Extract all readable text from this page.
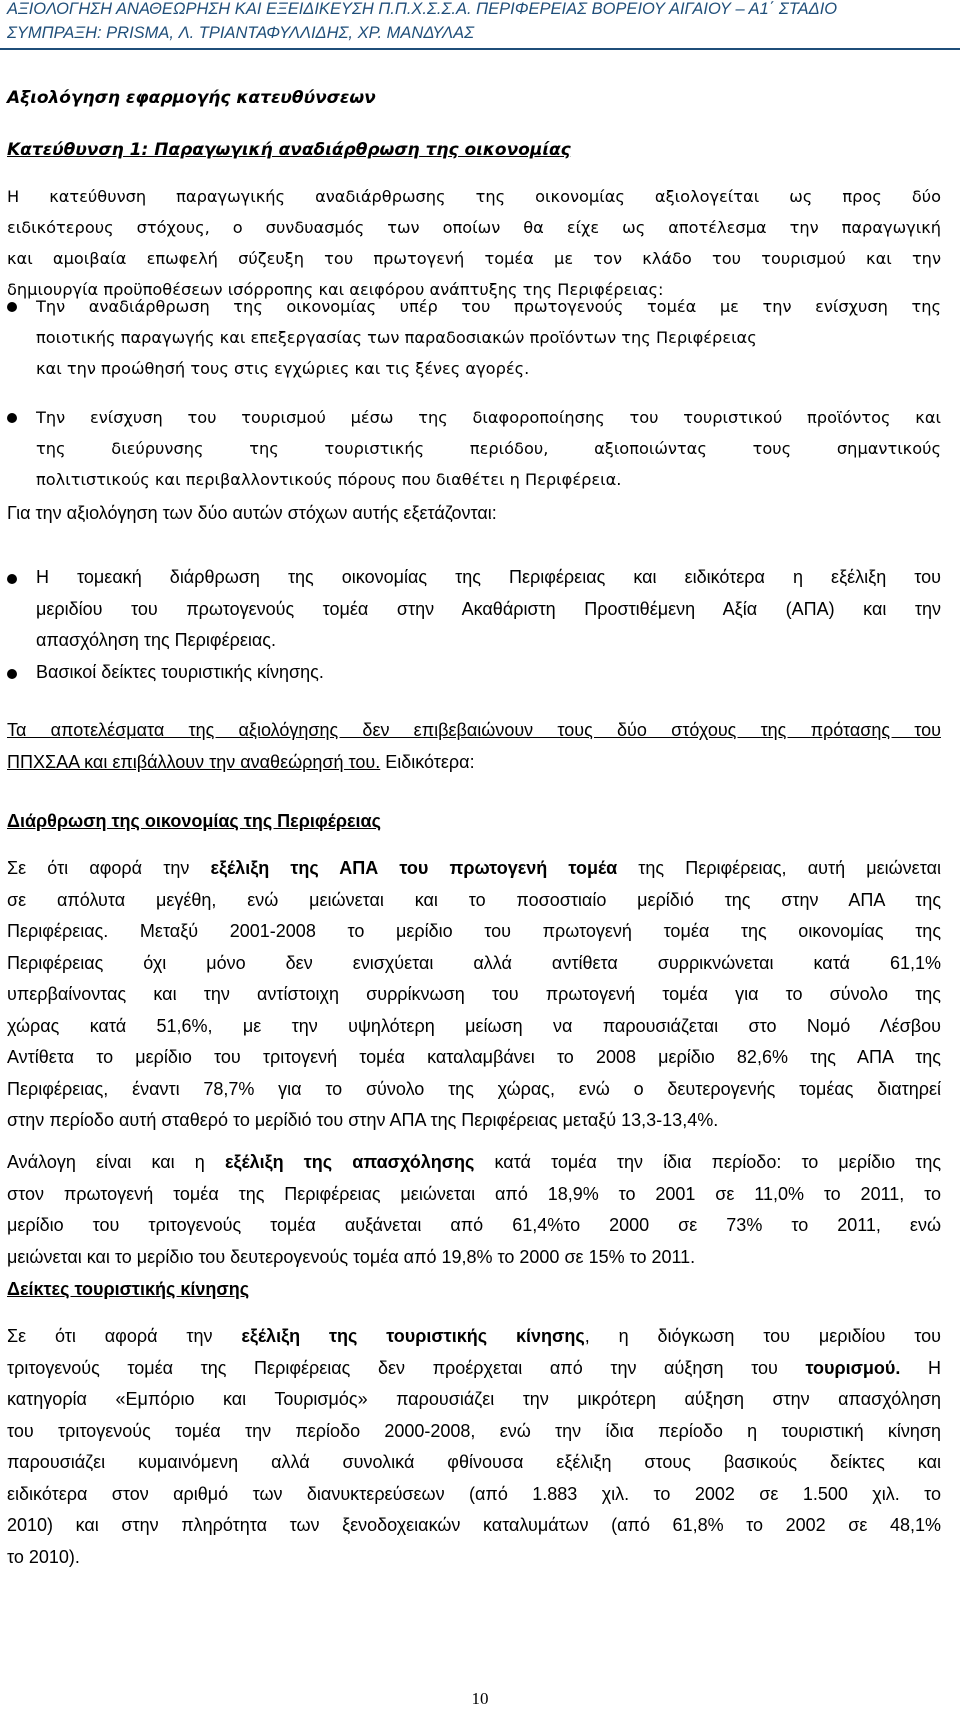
ΑΞΙΟΛΟΓΗΣΗ ΑΝΑΘΕΩΡΗΣΗ ΚΑΙ ΕΞΕΙΔΙΚΕΥΣΗ Π.Π.Χ.Σ.Σ.Α. ΠΕΡΙΦΕΡΕΙΑΣ ΒΟΡΕΙΟΥ ΑΙΓΑΙΟΥ – Α1΄ ΣΤΑΔΙΟ
ΣΥΜΠΡΑΞΗ: PRISMA, Λ. ΤΡΙΑΝΤΑΦΥΛΛΙΔΗΣ, ΧΡ. ΜΑΝΔΥΛΑΣ
Αξιολόγηση εφαρμογής κατευθύνσεων
Κατεύθυνση 1: Παραγωγική αναδιάρθρωση της οικονομίας
Η κατεύθυνση παραγωγικής αναδιάρθρωσης της οικονομίας αξιολογείται ως προς δύο
ειδικότερους στόχους, ο συνδυασμός των οποίων θα είχε ως αποτέλεσμα την παραγωγική
και αμοιβαία επωφελή σύζευξη του πρωτογενή τομέα με τον κλάδο του τουρισμού και την
δημιουργία προϋποθέσεων ισόρροπης και αειφόρου ανάπτυξης της Περιφέρειας:
Την αναδιάρθρωση της οικονομίας υπέρ του πρωτογενούς τομέα με την ενίσχυση της
ποιοτικής παραγωγής και επεξεργασίας των παραδοσιακών προϊόντων της Περιφέρειας
και την προώθησή τους στις εγχώριες και τις ξένες αγορές.
Την ενίσχυση του τουρισμού μέσω της διαφοροποίησης του τουριστικού προϊόντος και
της διεύρυνσης της τουριστικής περιόδου, αξιοποιώντας τους σημαντικούς
πολιτιστικούς και περιβαλλοντικούς πόρους που διαθέτει η Περιφέρεια.
Για την αξιολόγηση των δύο αυτών στόχων αυτής εξετάζονται:
Η τομεακή διάρθρωση της οικονομίας της Περιφέρειας και ειδικότερα η εξέλιξη του
μεριδίου του πρωτογενούς τομέα στην Ακαθάριστη Προστιθέμενη Αξία (ΑΠΑ) και την
απασχόληση της Περιφέρειας.
Βασικοί δείκτες τουριστικής κίνησης.
Τα αποτελέσματα της αξιολόγησης δεν επιβεβαιώνουν τους δύο στόχους της πρότασης του
ΠΠΧΣΑΑ και επιβάλλουν την αναθεώρησή του. Ειδικότερα:
Διάρθρωση της οικονομίας της Περιφέρειας
Σε ότι αφορά την εξέλιξη της ΑΠΑ του πρωτογενή τομέα της Περιφέρειας, αυτή μειώνεται
σε απόλυτα μεγέθη, ενώ μειώνεται και το ποσοστιαίο μερίδιό της στην ΑΠΑ της
Περιφέρειας. Μεταξύ 2001-2008 το μερίδιο του πρωτογενή τομέα της οικονομίας της
Περιφέρειας όχι μόνο δεν ενισχύεται αλλά αντίθετα συρρικνώνεται κατά 61,1%
υπερβαίνοντας και την αντίστοιχη συρρίκνωση του πρωτογενή τομέα για το σύνολο της
χώρας κατά 51,6%, με την υψηλότερη μείωση να παρουσιάζεται στο Νομό Λέσβου
Αντίθετα το μερίδιο του τριτογενή τομέα καταλαμβάνει το 2008 μερίδιο 82,6% της ΑΠΑ της
Περιφέρειας, έναντι 78,7% για το σύνολο της χώρας, ενώ ο δευτερογενής τομέας διατηρεί
στην περίοδο αυτή σταθερό το μερίδιό του στην ΑΠΑ της Περιφέρειας μεταξύ 13,3-13,4%.
Ανάλογη είναι και η εξέλιξη της απασχόλησης κατά τομέα την ίδια περίοδο: το μερίδιο της
στον πρωτογενή τομέα της Περιφέρειας μειώνεται από 18,9% το 2001 σε 11,0% το 2011, το
μερίδιο του τριτογενούς τομέα αυξάνεται από 61,4%το 2000 σε 73% το 2011, ενώ
μειώνεται και το μερίδιο του δευτερογενούς τομέα από 19,8% το 2000 σε 15% το 2011.
Δείκτες τουριστικής κίνησης
Σε ότι αφορά την εξέλιξη της τουριστικής κίνησης, η διόγκωση του μεριδίου του
τριτογενούς τομέα της Περιφέρειας δεν προέρχεται από την αύξηση του τουρισμού. Η
κατηγορία «Εμπόριο και Τουρισμός» παρουσιάζει την μικρότερη αύξηση στην απασχόληση
του τριτογενούς τομέα την περίοδο 2000-2008, ενώ την ίδια περίοδο η τουριστική κίνηση
παρουσιάζει κυμαινόμενη αλλά συνολικά φθίνουσα εξέλιξη στους βασικούς δείκτες και
ειδικότερα στον αριθμό των διανυκτερεύσεων (από 1.883 χιλ. το 2002 σε 1.500 χιλ. το
2010) και στην πληρότητα των ξενοδοχειακών καταλυμάτων (από 61,8% το 2002 σε 48,1%
το 2010).
10
